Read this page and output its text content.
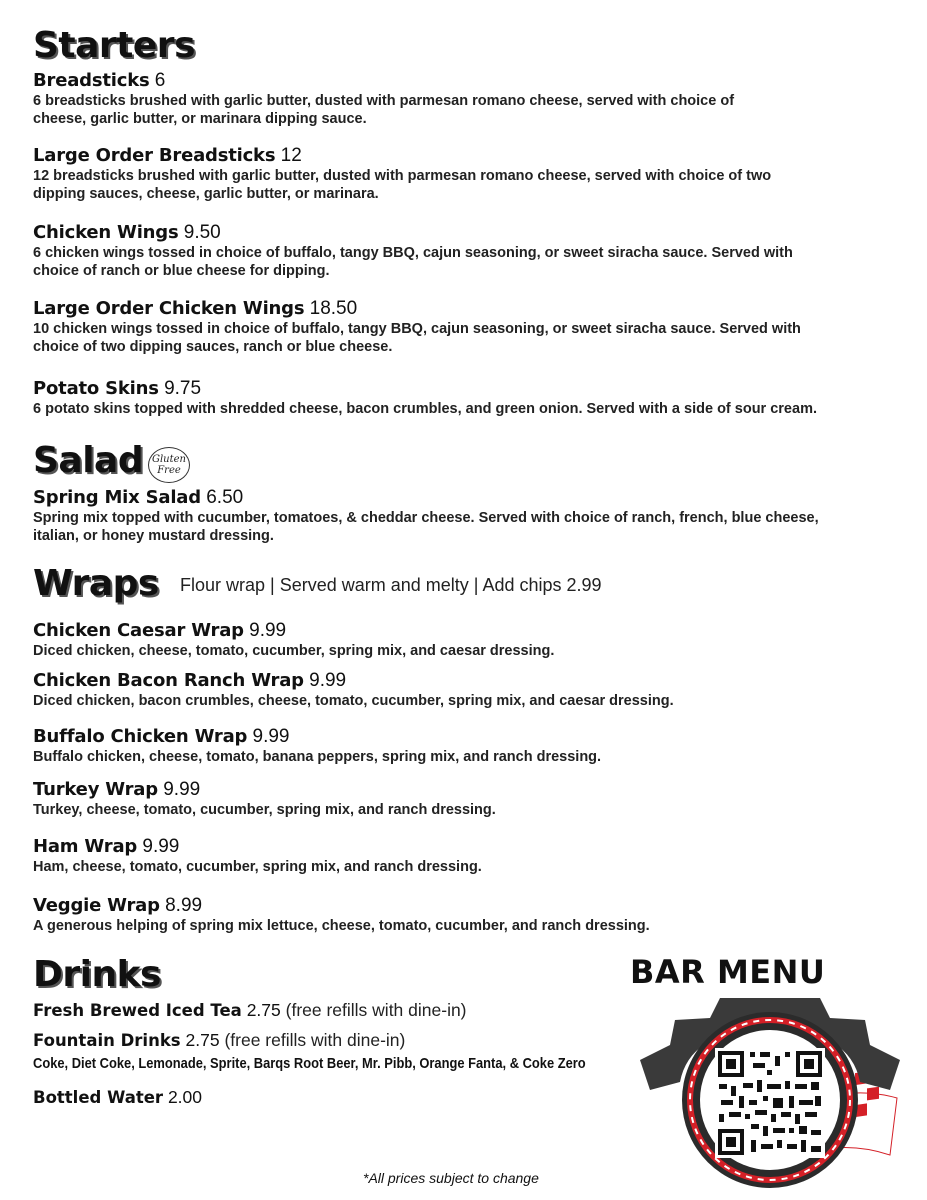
Starters
Breadsticks 6
6 breadsticks brushed with garlic butter, dusted with parmesan romano cheese, served with choice of
cheese, garlic butter, or marinara dipping sauce.
Large Order Breadsticks 12
12 breadsticks brushed with garlic butter, dusted with parmesan romano cheese, served with choice of two
dipping sauces, cheese, garlic butter, or marinara.
Chicken Wings 9.50
6 chicken wings tossed in choice of buffalo, tangy BBQ, cajun seasoning, or sweet siracha sauce. Served with
choice of ranch or blue cheese for dipping.
Large Order Chicken Wings 18.50
10 chicken wings tossed in choice of buffalo, tangy BBQ, cajun seasoning, or sweet siracha sauce. Served with
choice of two dipping sauces, ranch or blue cheese.
Potato Skins 9.75
6 potato skins topped with shredded cheese, bacon crumbles, and green onion. Served with a side of sour cream.
Salad Gluten
Free
Spring Mix Salad 6.50
Spring mix topped with cucumber, tomatoes, & cheddar cheese. Served with choice of ranch, french, blue cheese,
italian, or honey mustard dressing.
Wraps Flour wrap | Served warm and melty | Add chips 2.99
Chicken Caesar Wrap 9.99
Diced chicken, cheese, tomato, cucumber, spring mix, and caesar dressing.
Chicken Bacon Ranch Wrap 9.99
Diced chicken, bacon crumbles, cheese, tomato, cucumber, spring mix, and caesar dressing.
Buffalo Chicken Wrap 9.99
Buffalo chicken, cheese, tomato, banana peppers, spring mix, and ranch dressing.
Turkey Wrap 9.99
Turkey, cheese, tomato, cucumber, spring mix, and ranch dressing.
Ham Wrap 9.99
Ham, cheese, tomato, cucumber, spring mix, and ranch dressing.
Veggie Wrap 8.99
A generous helping of spring mix lettuce, cheese, tomato, cucumber, and ranch dressing.
Drinks
Fresh Brewed Iced Tea 2.75 (free refills with dine-in)
Fountain Drinks 2.75 (free refills with dine-in)
Coke, Diet Coke, Lemonade, Sprite, Barqs Root Beer, Mr. Pibb, Orange Fanta, & Coke Zero
Bottled Water 2.00
BAR MENU
*All prices subject to change
